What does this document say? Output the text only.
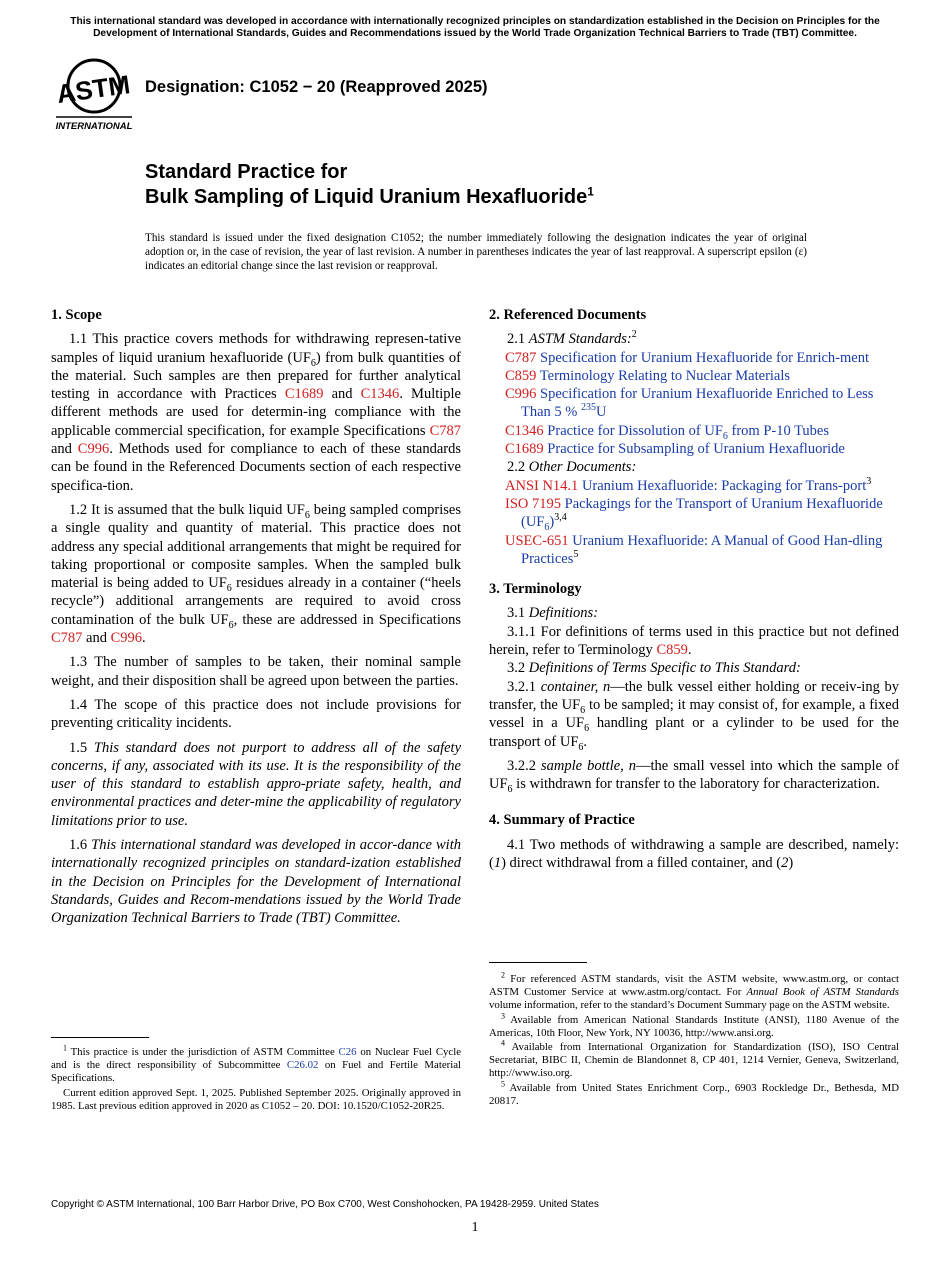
This international standard was developed in accordance with internationally recognized principles on standardization established in the Decision on Principles for the Development of International Standards, Guides and Recommendations issued by the World Trade Organization Technical Barriers to Trade (TBT) Committee.
ASTM
INTERNATIONAL
Designation: C1052 − 20 (Reapproved 2025)
Standard Practice for
Bulk Sampling of Liquid Uranium Hexafluoride$^1$
This standard is issued under the fixed designation C1052; the number immediately following the designation indicates the year of original adoption or, in the case of revision, the year of last revision. A number in parentheses indicates the year of last reapproval. A superscript epsilon (ε) indicates an editorial change since the last revision or reapproval.
1. Scope

1.1 This practice covers methods for withdrawing represen-tative samples of liquid uranium hexafluoride $(UF_6)$ from bulk quantities of the material. Such samples are then prepared for further analytical testing in accordance with Practices C1689 and C1346. Multiple different methods are used for determin-ing compliance with the applicable commercial specification, for example Specifications C787 and C996. Methods used for compliance to each of these standards can be found in the Referenced Documents section of each respective specifica-tion.

1.2 It is assumed that the bulk liquid $UF_6$ being sampled comprises a single quality and quantity of material. This practice does not address any special additional arrangements that might be required for taking proportional or composite samples. When the sampled bulk material is being added to $UF_6$ residues already in a container (“heels recycle”) additional arrangements are required to avoid cross contamination of the bulk $UF_6$, these are addressed in Specifications C787 and C996.

1.3 The number of samples to be taken, their nominal sample weight, and their disposition shall be agreed upon between the parties.

1.4 The scope of this practice does not include provisions for preventing criticality incidents.

1.5 This standard does not purport to address all of the safety concerns, if any, associated with its use. It is the responsibility of the user of this standard to establish appro-priate safety, health, and environmental practices and deter-mine the applicability of regulatory limitations prior to use.

1.6 This international standard was developed in accor-dance with internationally recognized principles on standard-ization established in the Decision on Principles for the Development of International Standards, Guides and Recom-mendations issued by the World Trade Organization Technical Barriers to Trade (TBT) Committee.

2. Referenced Documents
2.1 ASTM Standards:$^2$
C787 Specification for Uranium Hexafluoride for Enrich-ment
C859 Terminology Relating to Nuclear Materials
C996 Specification for Uranium Hexafluoride Enriched to Less Than 5 % $^{235}$U
C1346 Practice for Dissolution of $UF_6$ from P-10 Tubes
C1689 Practice for Subsampling of Uranium Hexafluoride
2.2 Other Documents:
ANSI N14.1 Uranium Hexafluoride: Packaging for Trans-port$^3$
ISO 7195 Packagings for the Transport of Uranium Hexafluoride $(UF_6)^{3,4}$
USEC-651 Uranium Hexafluoride: A Manual of Good Han-dling Practices$^5$
3. Terminology
3.1 Definitions:

3.1.1 For definitions of terms used in this practice but not defined herein, refer to Terminology C859.

3.2 Definitions of Terms Specific to This Standard:

3.2.1 container, n—the bulk vessel either holding or receiv-ing by transfer, the $UF_6$ to be sampled; it may consist of, for example, a fixed vessel in a $UF_6$ handling plant or a cylinder to be used for the transport of $UF_6$.

3.2.2 sample bottle, n—the small vessel into which the sample of $UF_6$ is withdrawn for transfer to the laboratory for characterization.

4. Summary of Practice

4.1 Two methods of withdrawing a sample are described, namely: (1) direct withdrawal from a filled container, and (2)

$^1$ This practice is under the jurisdiction of ASTM Committee C26 on Nuclear Fuel Cycle and is the direct responsibility of Subcommittee C26.02 on Fuel and Fertile Material Specifications.

Current edition approved Sept. 1, 2025. Published September 2025. Originally approved in 1985. Last previous edition approved in 2020 as C1052 – 20. DOI: 10.1520/C1052-20R25.

$^2$ For referenced ASTM standards, visit the ASTM website, www.astm.org, or contact ASTM Customer Service at www.astm.org/contact. For Annual Book of ASTM Standards volume information, refer to the standard’s Document Summary page on the ASTM website.

$^3$ Available from American National Standards Institute (ANSI), 1180 Avenue of the Americas, 10th Floor, New York, NY 10036, http://www.ansi.org.

$^4$ Available from International Organization for Standardization (ISO), ISO Central Secretariat, BIBC II, Chemin de Blandonnet 8, CP 401, 1214 Vernier, Geneva, Switzerland, http://www.iso.org.

$^5$ Available from United States Enrichment Corp., 6903 Rockledge Dr., Bethesda, MD 20817.

Copyright © ASTM International, 100 Barr Harbor Drive, PO Box C700, West Conshohocken, PA 19428-2959. United States
1
